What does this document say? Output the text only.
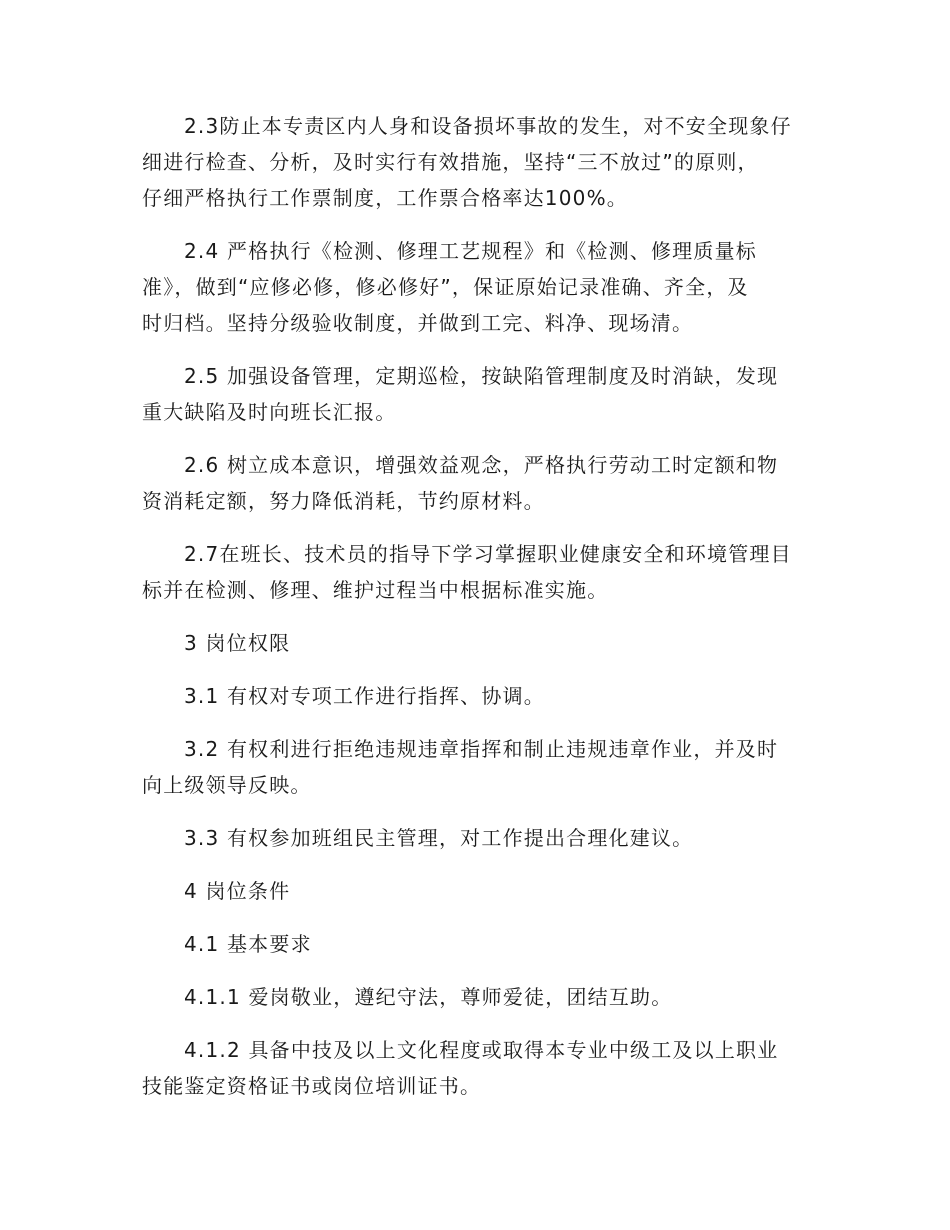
2.3防止本专责区内人身和设备损坏事故的发生，对不安全现象仔
细进行检查、分析，及时实行有效措施，坚持“三不放过”的原则，
仔细严格执行工作票制度，工作票合格率达100%。

2.4 严格执行《检测、修理工艺规程》和《检测、修理质量标
准》，做到“应修必修，修必修好”，保证原始记录准确、齐全，及
时归档。坚持分级验收制度，并做到工完、料净、现场清。

2.5 加强设备管理，定期巡检，按缺陷管理制度及时消缺，发现
重大缺陷及时向班长汇报。

2.6 树立成本意识，增强效益观念，严格执行劳动工时定额和物
资消耗定额，努力降低消耗，节约原材料。

2.7在班长、技术员的指导下学习掌握职业健康安全和环境管理目
标并在检测、修理、维护过程当中根据标准实施。

3 岗位权限

3.1 有权对专项工作进行指挥、协调。

3.2 有权利进行拒绝违规违章指挥和制止违规违章作业，并及时
向上级领导反映。

3.3 有权参加班组民主管理，对工作提出合理化建议。

4 岗位条件

4.1 基本要求

4.1.1 爱岗敬业，遵纪守法，尊师爱徒，团结互助。

4.1.2 具备中技及以上文化程度或取得本专业中级工及以上职业
技能鉴定资格证书或岗位培训证书。
